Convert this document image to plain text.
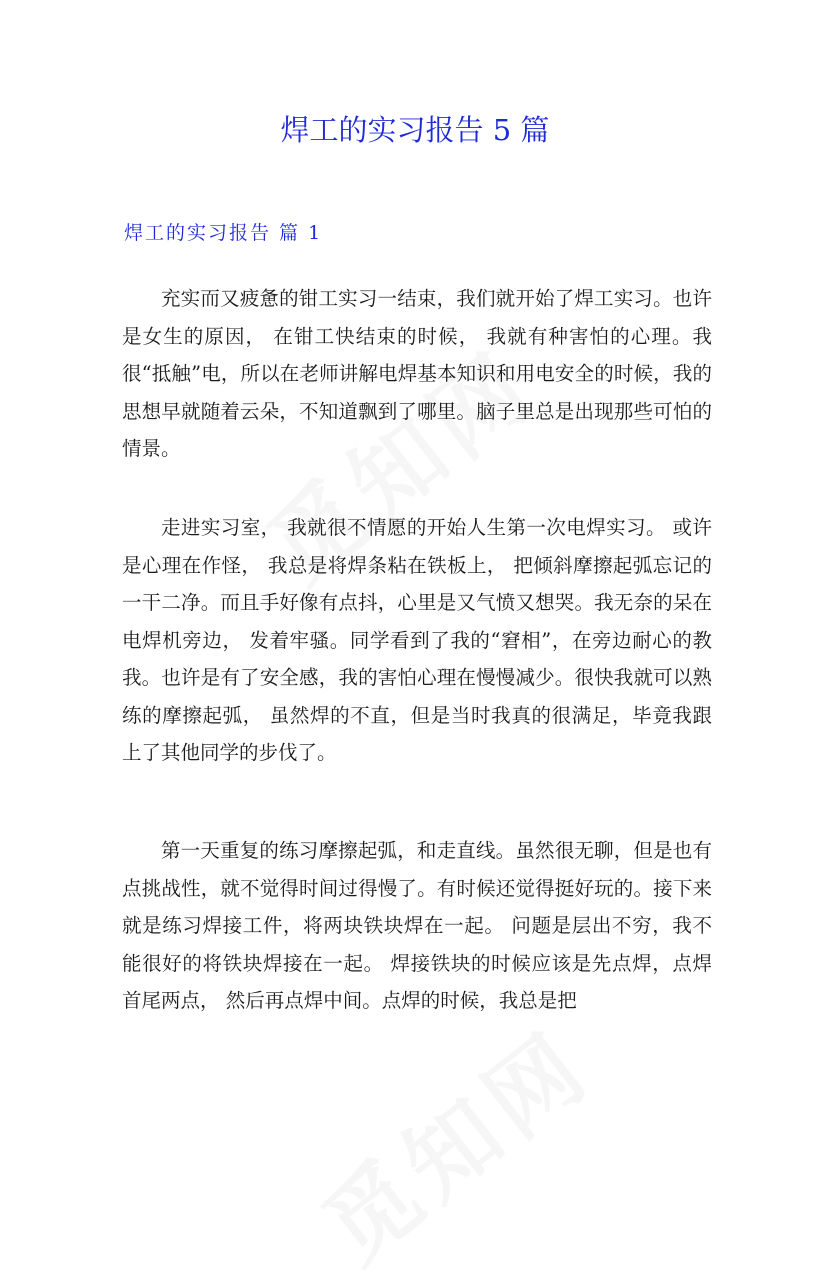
焊工的实习报告 5 篇
焊工的实习报告 篇 1

充实而又疲惫的钳工实习一结束，我们就开始了焊工实习。也许是女生的原因， 在钳工快结束的时候， 我就有种害怕的心理。我很“抵触”电，所以在老师讲解电焊基本知识和用电安全的时候，我的思想早就随着云朵，不知道飘到了哪里。脑子里总是出现那些可怕的情景。

走进实习室， 我就很不情愿的开始人生第一次电焊实习。 或许是心理在作怪， 我总是将焊条粘在铁板上， 把倾斜摩擦起弧忘记的一干二净。而且手好像有点抖，心里是又气愤又想哭。我无奈的呆在电焊机旁边， 发着牢骚。同学看到了我的“窘相”，在旁边耐心的教我。也许是有了安全感，我的害怕心理在慢慢减少。很快我就可以熟练的摩擦起弧， 虽然焊的不直，但是当时我真的很满足，毕竟我跟上了其他同学的步伐了。

第一天重复的练习摩擦起弧，和走直线。虽然很无聊，但是也有点挑战性，就不觉得时间过得慢了。有时候还觉得挺好玩的。接下来就是练习焊接工件，将两块铁块焊在一起。 问题是层出不穷，我不能很好的将铁块焊接在一起。 焊接铁块的时候应该是先点焊，点焊首尾两点， 然后再点焊中间。点焊的时候，我总是把
